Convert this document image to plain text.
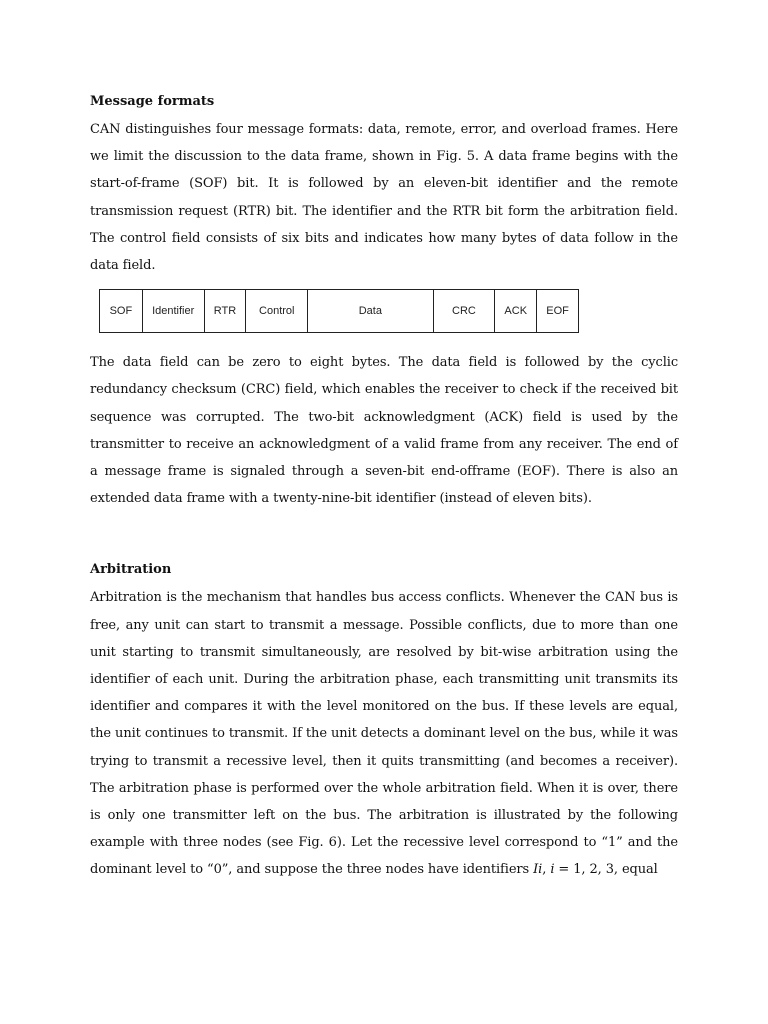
Message formats

CAN distinguishes four message formats: data, remote, error, and overload frames. Here we limit the discussion to the data frame, shown in Fig. 5. A data frame begins with the start-of-frame (SOF) bit. It is followed by an eleven-bit identifier and the remote transmission request (RTR) bit. The identifier and the RTR bit form the arbitration field. The control field consists of six bits and indicates how many bytes of data follow in the data field.

SOF	Identifier	RTR	Control	Data	CRC	ACK	EOF

The data field can be zero to eight bytes. The data field is followed by the cyclic redundancy checksum (CRC) field, which enables the receiver to check if the received bit sequence was corrupted. The two-bit acknowledgment (ACK) field is used by the transmitter to receive an acknowledgment of a valid frame from any receiver. The end of a message frame is signaled through a seven-bit end-offrame (EOF). There is also an extended data frame with a twenty-nine-bit identifier (instead of eleven bits).

Arbitration

Arbitration is the mechanism that handles bus access conflicts. Whenever the CAN bus is free, any unit can start to transmit a message. Possible conflicts, due to more than one unit starting to transmit simultaneously, are resolved by bit-wise arbitration using the identifier of each unit. During the arbitration phase, each transmitting unit transmits its identifier and compares it with the level monitored on the bus. If these levels are equal, the unit continues to transmit. If the unit detects a dominant level on the bus, while it was trying to transmit a recessive level, then it quits transmitting (and becomes a receiver). The arbitration phase is performed over the whole arbitration field. When it is over, there is only one transmitter left on the bus. The arbitration is illustrated by the following example with three nodes (see Fig. 6). Let the recessive level correspond to “1” and the dominant level to “0”, and suppose the three nodes have identifiers Ii, i = 1, 2, 3, equal
